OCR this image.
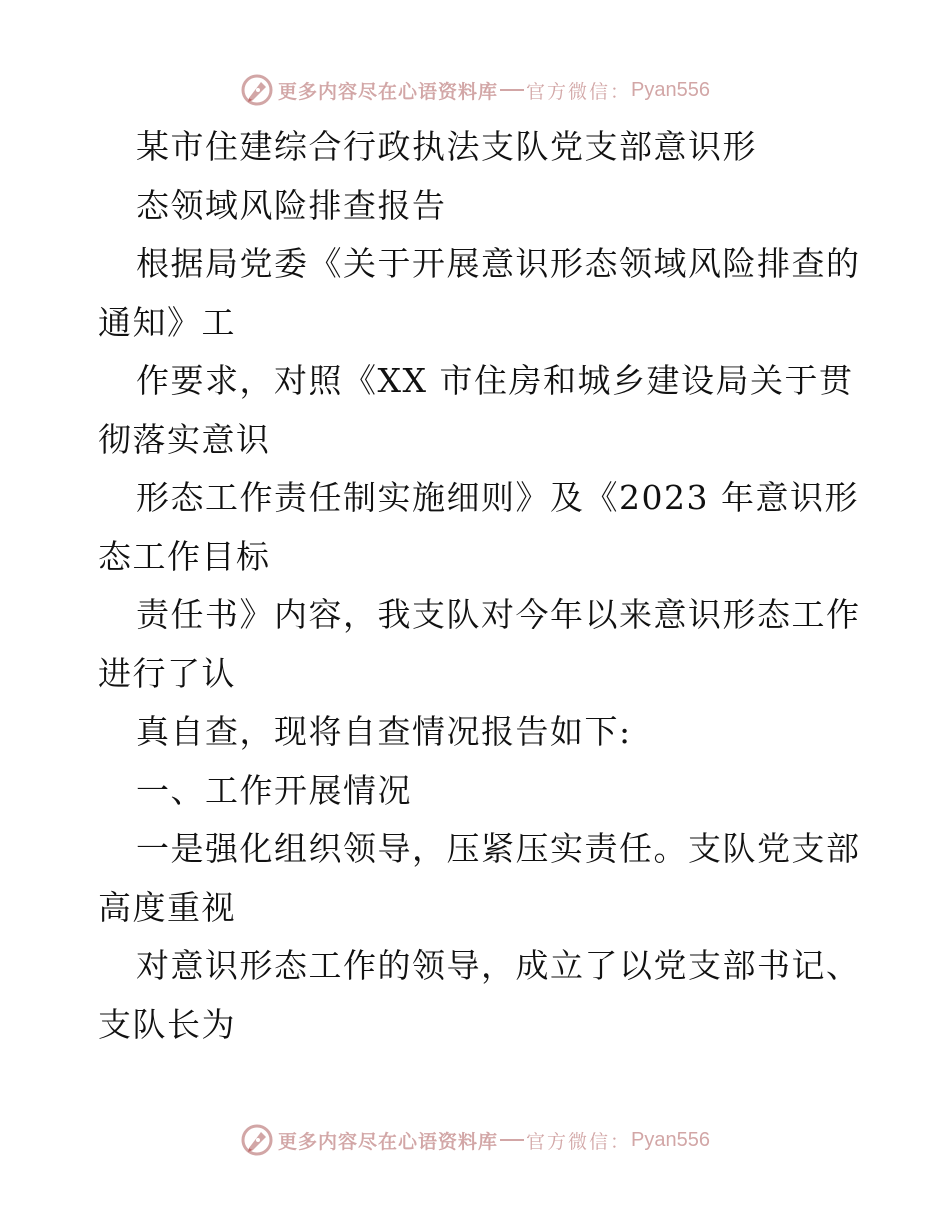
更多内容尽在心语资料库 官方微信： Pyan556
某市住建综合行政执法支队党支部意识形
态领域风险排查报告
根据局党委《关于开展意识形态领域风险排查的
通知》工
作要求，对照《XX 市住房和城乡建设局关于贯
彻落实意识
形态工作责任制实施细则》及《2023 年意识形
态工作目标
责任书》内容，我支队对今年以来意识形态工作
进行了认
真自查，现将自查情况报告如下:
一、工作开展情况
一是强化组织领导，压紧压实责任。支队党支部
高度重视
对意识形态工作的领导，成立了以党支部书记、
支队长为
更多内容尽在心语资料库 官方微信： Pyan556
